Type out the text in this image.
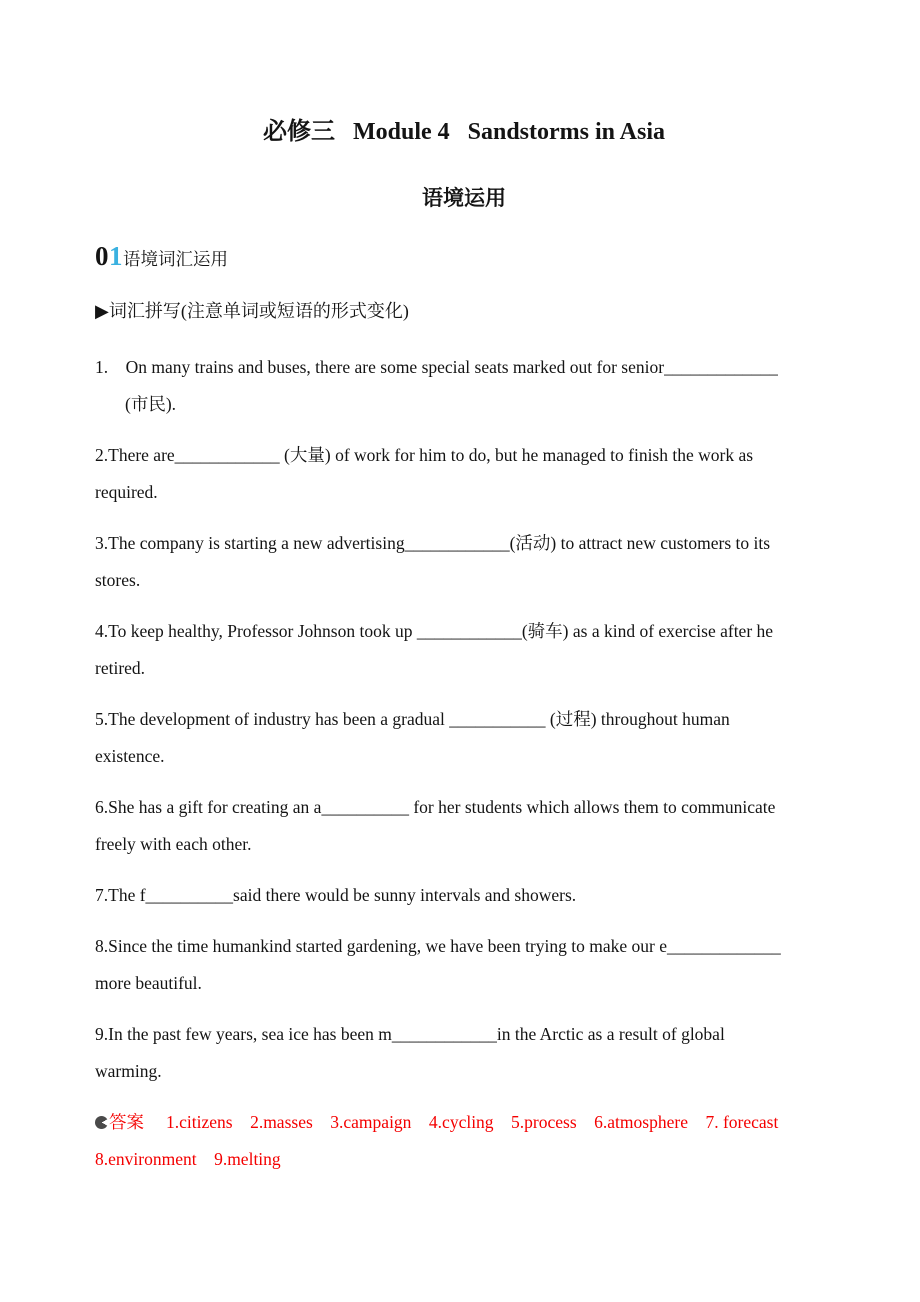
必修三   Module 4   Sandstorms in Asia
语境运用
01语境词汇运用
▶词汇拼写(注意单词或短语的形式变化)
1.    On many trains and buses, there are some special seats marked out for senior_____________
(市民).
2.There are____________ (大量) of work for him to do, but he managed to finish the work as
required.
3.The company is starting a new advertising____________(活动) to attract new customers to its
stores.
4.To keep healthy, Professor Johnson took up ____________(骑车) as a kind of exercise after he
retired.
5.The development of industry has been a gradual ___________ (过程) throughout human
existence.
6.She has a gift for creating an a__________ for her students which allows them to communicate
freely with each other.
7.The f__________said there would be sunny intervals and showers.
8.Since the time humankind started gardening, we have been trying to make our e_____________
more beautiful.
9.In the past few years, sea ice has been m____________in the Arctic as a result of global
warming.
答案 1.citizens    2.masses    3.campaign    4.cycling    5.process    6.atmosphere    7. forecast
8.environment    9.melting
